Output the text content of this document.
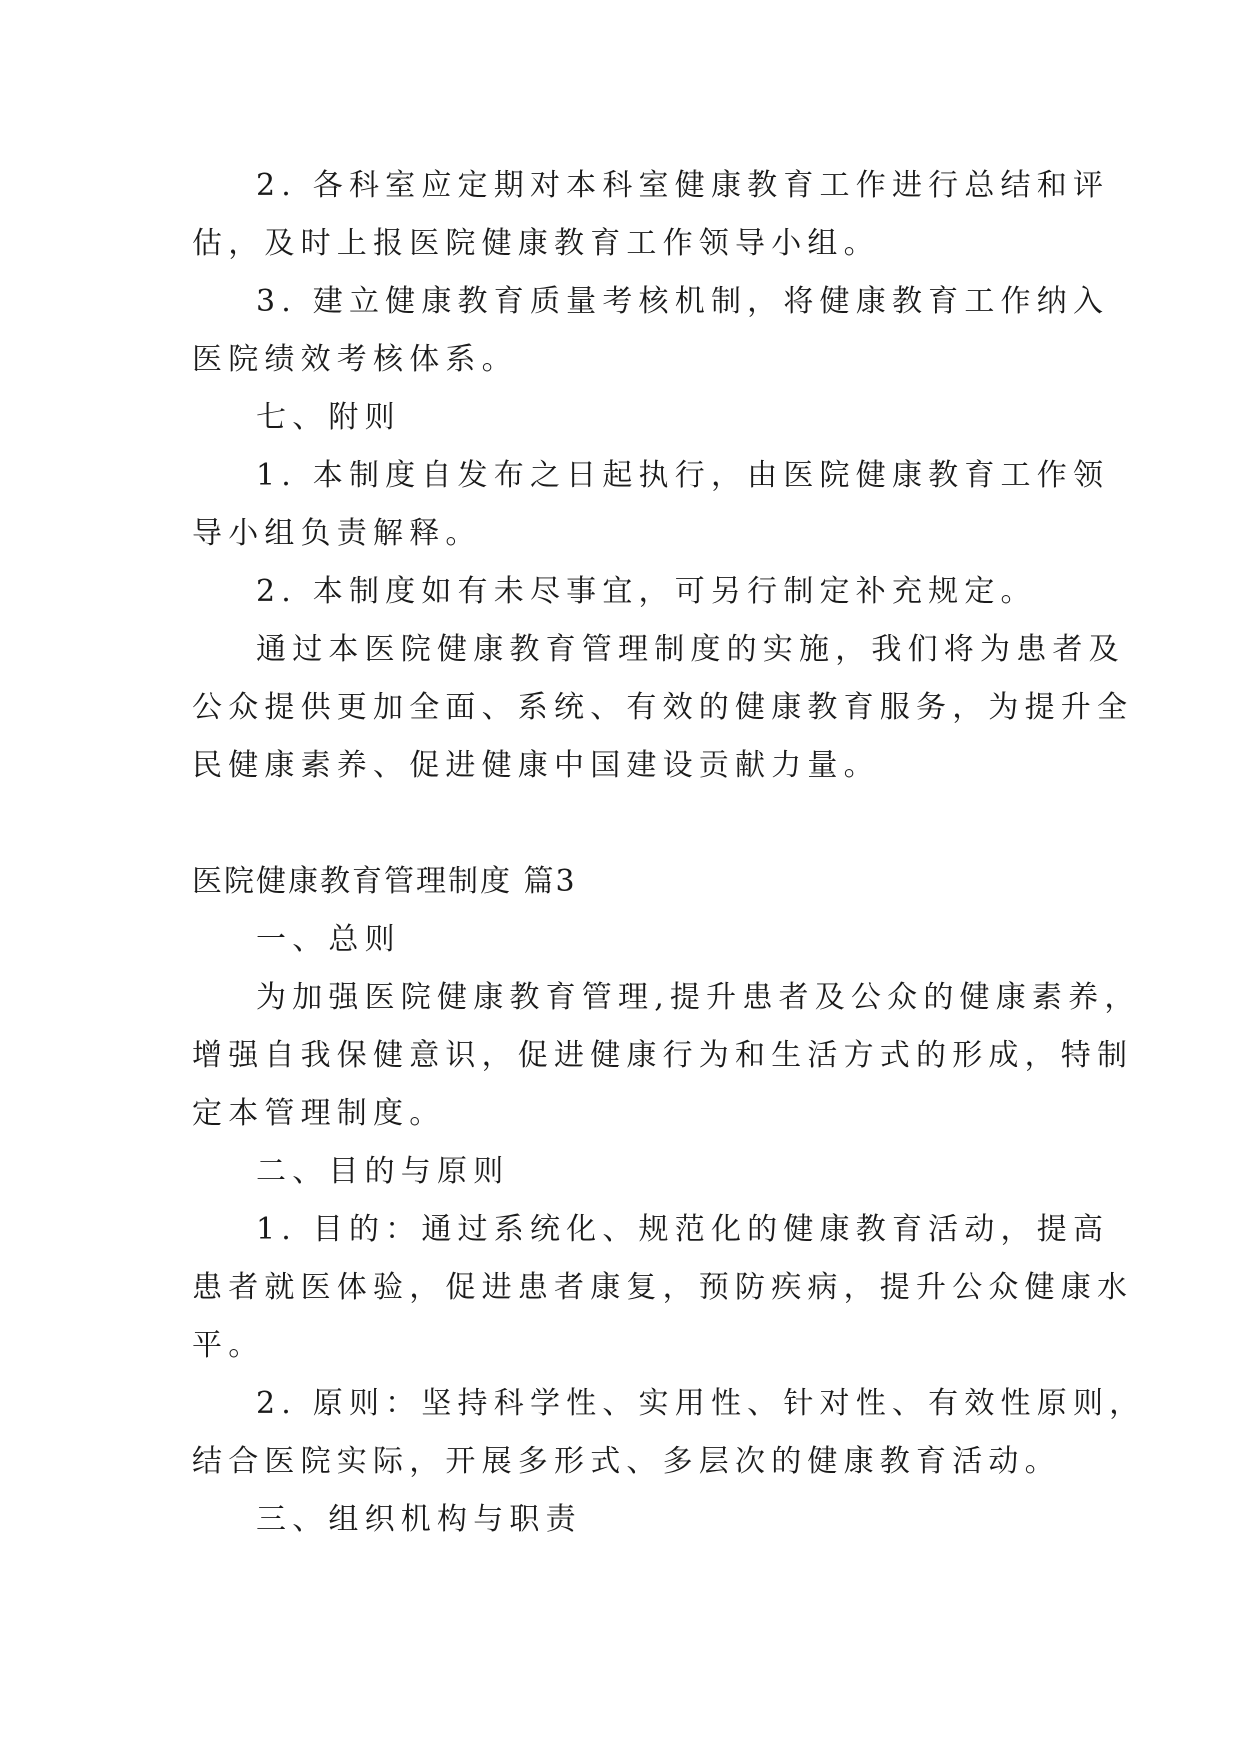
2. 各科室应定期对本科室健康教育工作进行总结和评
估，及时上报医院健康教育工作领导小组。
3. 建立健康教育质量考核机制，将健康教育工作纳入
医院绩效考核体系。
七、附则
1. 本制度自发布之日起执行，由医院健康教育工作领
导小组负责解释。
2. 本制度如有未尽事宜，可另行制定补充规定。
通过本医院健康教育管理制度的实施，我们将为患者及
公众提供更加全面、系统、有效的健康教育服务，为提升全
民健康素养、促进健康中国建设贡献力量。
医院健康教育管理制度 篇3
一、总则
为加强医院健康教育管理,提升患者及公众的健康素养，
增强自我保健意识，促进健康行为和生活方式的形成，特制
定本管理制度。
二、目的与原则
1. 目的：通过系统化、规范化的健康教育活动，提高
患者就医体验，促进患者康复，预防疾病，提升公众健康水
平。
2. 原则：坚持科学性、实用性、针对性、有效性原则，
结合医院实际，开展多形式、多层次的健康教育活动。
三、组织机构与职责
